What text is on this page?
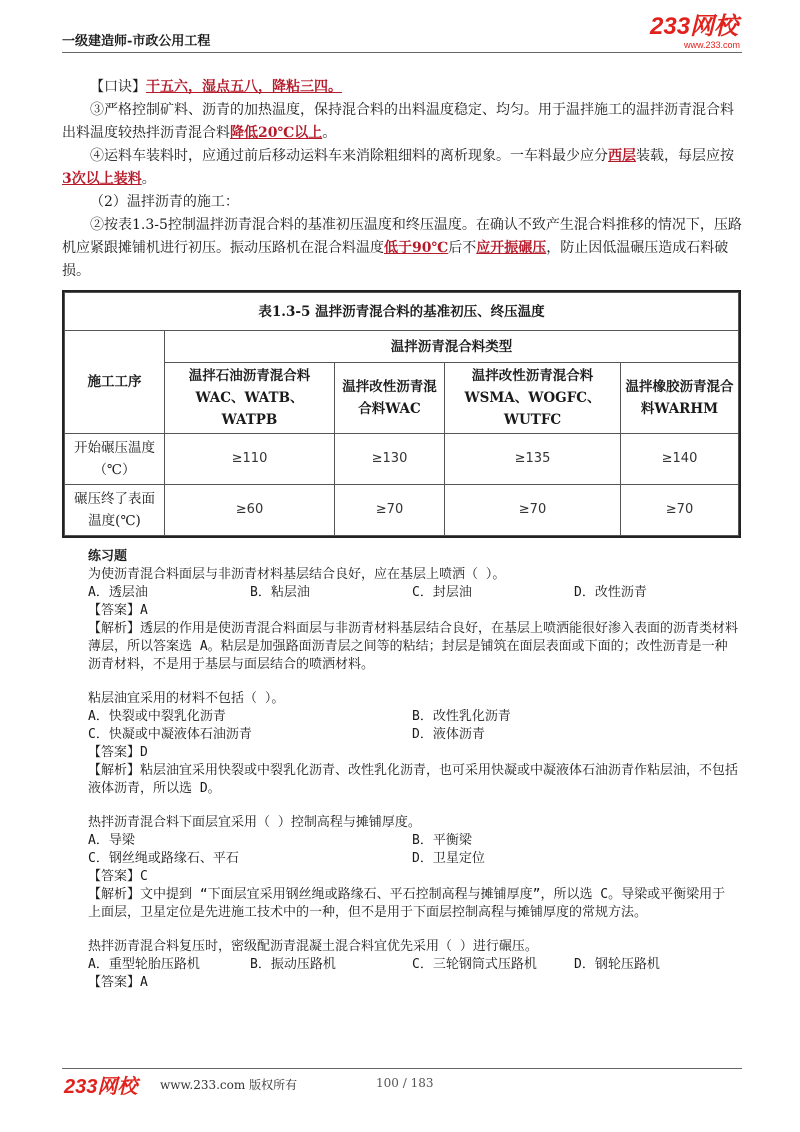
一级建造师-市政公用工程
233网校
www.233.com

【口诀】干五六，湿点五八，降粘三四。

③严格控制矿料、沥青的加热温度，保持混合料的出料温度稳定、均匀。用于温拌施工的温拌沥青混合料出料温度较热拌沥青混合料降低20℃以上。

④运料车装料时，应通过前后移动运料车来消除粗细料的离析现象。一车料最少应分西层装载，每层应按3次以上装料。

（2）温拌沥青的施工：

②按表1.3-5控制温拌沥青混合料的基准初压温度和终压温度。在确认不致产生混合料推移的情况下，压路机应紧跟摊铺机进行初压。振动压路机在混合料温度低于90℃后不应开振碾压，防止因低温碾压造成石料破损。

表1.3-5 温拌沥青混合料的基准初压、终压温度				
施工工序	温拌沥青混合料类型			
	温拌石油沥青混合料WAC、WATB、WATPB	温拌改性沥青混合料WAC	温拌改性沥青混合料WSMA、WOGFC、WUTFC	温拌橡胶沥青混合料WARHM
开始碾压温度（℃）	≥110	≥130	≥135	≥140
碾压终了表面温度(℃)	≥60	≥70	≥70	≥70

练习题

为使沥青混合料面层与非沥青材料基层结合良好，应在基层上喷洒（ ）。

A．透层油	B．粘层油	C．封层油	D．改性沥青

【答案】A

【解析】透层的作用是使沥青混合料面层与非沥青材料基层结合良好，在基层上喷洒能很好渗入表面的沥青类材料薄层，所以答案选 A。粘层是加强路面沥青层之间等的粘结；封层是铺筑在面层表面或下面的；改性沥青是一种沥青材料，不是用于基层与面层结合的喷洒材料。

粘层油宜采用的材料不包括（ ）。

A．快裂或中裂乳化沥青	B．改性乳化沥青
C．快凝或中凝液体石油沥青	D．液体沥青

【答案】D

【解析】粘层油宜采用快裂或中裂乳化沥青、改性乳化沥青，也可采用快凝或中凝液体石油沥青作粘层油，不包括液体沥青，所以选 D。

热拌沥青混合料下面层宜采用（ ）控制高程与摊铺厚度。

A．导梁	B．平衡梁
C．钢丝绳或路缘石、平石	D．卫星定位

【答案】C

【解析】文中提到 “下面层宜采用钢丝绳或路缘石、平石控制高程与摊铺厚度”，所以选 C。导梁或平衡梁用于上面层，卫星定位是先进施工技术中的一种，但不是用于下面层控制高程与摊铺厚度的常规方法。

热拌沥青混合料复压时，密级配沥青混凝土混合料宜优先采用（ ）进行碾压。

A．重型轮胎压路机	B．振动压路机	C．三轮钢筒式压路机	D．钢轮压路机

【答案】A

233网校 www.233.com 版权所有	100 / 183
